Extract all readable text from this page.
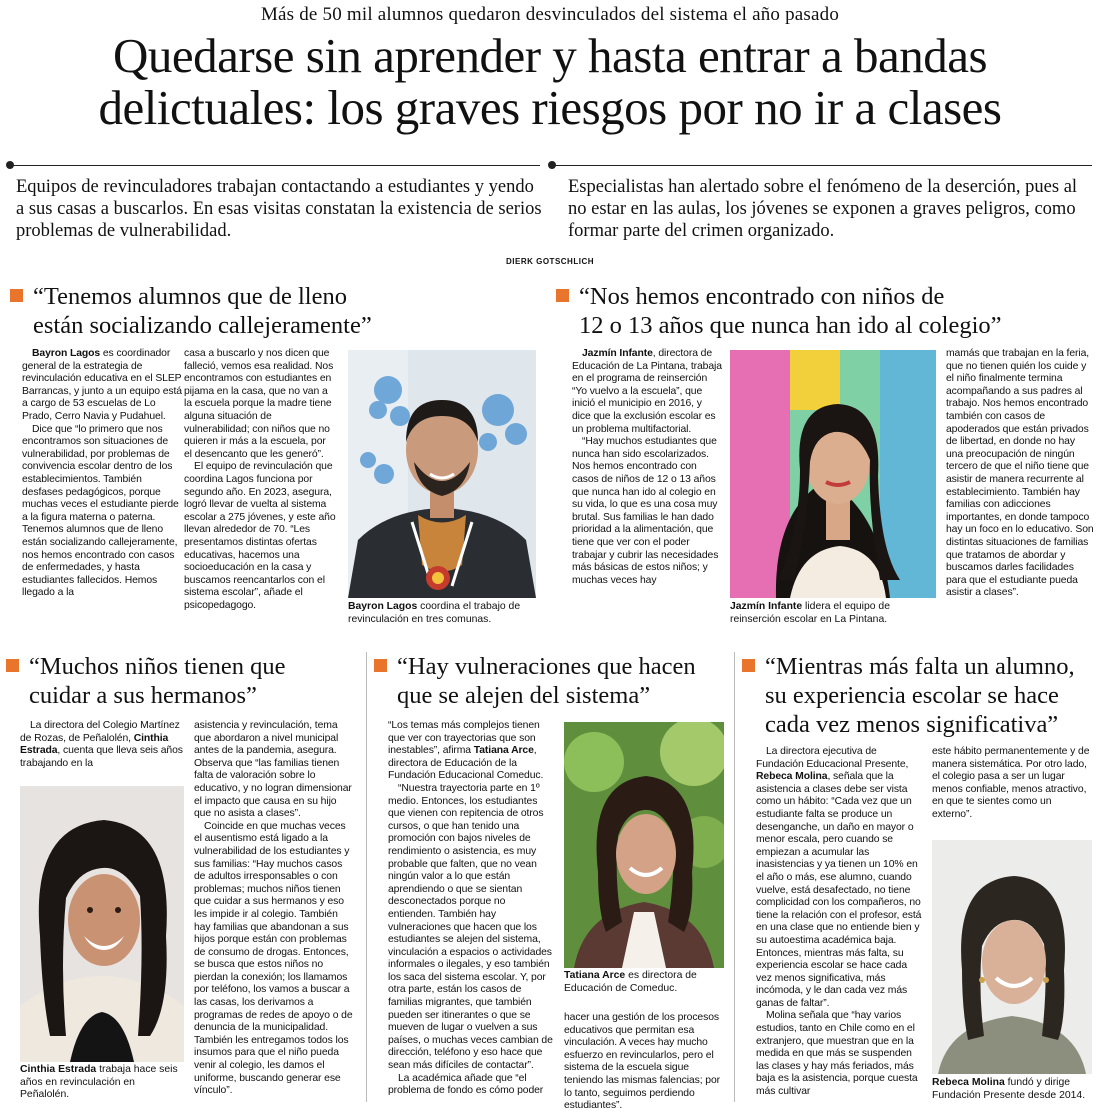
Más de 50 mil alumnos quedaron desvinculados del sistema el año pasado
Quedarse sin aprender y hasta entrar a bandas
delictuales: los graves riesgos por no ir a clases
Equipos de revinculadores trabajan contactando a estudiantes y yendo a sus casas a buscarlos. En esas visitas constatan la existencia de serios problemas de vulnerabilidad.
Especialistas han alertado sobre el fenómeno de la deserción, pues al no estar en las aulas, los jóvenes se exponen a graves peligros, como formar parte del crimen organizado.
DIERK GOTSCHLICH
“Tenemos alumnos que de lleno
están socializando callejeramente”

Bayron Lagos es coordinador general de la estrategia de revinculación educativa en el SLEP Barrancas, y junto a un equipo está a cargo de 53 escuelas de Lo Prado, Cerro Navia y Pudahuel.

Dice que “lo primero que nos encontramos son situaciones de vulnerabilidad, por problemas de convivencia escolar dentro de los establecimientos. También desfases pedagógicos, porque muchas veces el estudiante pierde a la figura materna o paterna. Tenemos alumnos que de lleno están socializando callejeramente, nos hemos encontrado con casos de enfermedades, y hasta estudiantes fallecidos. Hemos llegado a la

casa a buscarlo y nos dicen que falleció, vemos esa realidad. Nos encontramos con estudiantes en pijama en la casa, que no van a la escuela porque la madre tiene alguna situación de vulnerabilidad; con niños que no quieren ir más a la escuela, por el desencanto que les generó”.

El equipo de revinculación que coordina Lagos funciona por segundo año. En 2023, asegura, logró llevar de vuelta al sistema escolar a 275 jóvenes, y este año llevan alrededor de 70. “Les presentamos distintas ofertas educativas, hacemos una socioeducación en la casa y buscamos reencantarlos con el sistema escolar”, añade el psicopedagogo.	Bayron Lagos coordina el trabajo de revinculación en tres comunas.
“Nos hemos encontrado con niños de
12 o 13 años que nunca han ido al colegio”

Jazmín Infante, directora de Educación de La Pintana, trabaja en el programa de reinserción “Yo vuelvo a la escuela”, que inició el municipio en 2016, y dice que la exclusión escolar es un problema multifactorial.

“Hay muchos estudiantes que nunca han sido escolarizados. Nos hemos encontrado con casos de niños de 12 o 13 años que nunca han ido al colegio en su vida, lo que es una cosa muy brutal. Sus familias le han dado prioridad a la alimentación, que tiene que ver con el poder trabajar y cubrir las necesidades más básicas de estos niños; y muchas veces hay

Jazmín Infante lidera el equipo de reinserción escolar en La Pintana.

mamás que trabajan en la feria, que no tienen quién los cuide y el niño finalmente termina acompañando a sus padres al trabajo. Nos hemos encontrado también con casos de apoderados que están privados de libertad, en donde no hay una preocupación de ningún tercero de que el niño tiene que asistir de manera recurrente al establecimiento. También hay familias con adicciones importantes, en donde tampoco hay un foco en lo educativo. Son distintas situaciones de familias que tratamos de abordar y buscamos darles facilidades para que el estudiante pueda asistir a clases”.

“Muchos niños tienen que
cuidar a sus hermanos”

La directora del Colegio Martínez de Rozas, de Peñalolén, Cinthia Estrada, cuenta que lleva seis años trabajando en la

Cinthia Estrada trabaja hace seis años en revinculación en Peñalolén.

asistencia y revinculación, tema que abordaron a nivel municipal antes de la pandemia, asegura. Observa que “las familias tienen falta de valoración sobre lo educativo, y no logran dimensionar el impacto que causa en su hijo que no asista a clases”.

Coincide en que muchas veces el ausentismo está ligado a la vulnerabilidad de los estudiantes y sus familias: “Hay muchos casos de adultos irresponsables o con problemas; muchos niños tienen que cuidar a sus hermanos y eso les impide ir al colegio. También hay familias que abandonan a sus hijos porque están con problemas de consumo de drogas. Entonces, se busca que estos niños no pierdan la conexión; los llamamos por teléfono, los vamos a buscar a las casas, los derivamos a programas de redes de apoyo o de denuncia de la municipalidad. También les entregamos todos los insumos para que el niño pueda venir al colegio, les damos el uniforme, buscando generar ese vínculo”.

“Hay vulneraciones que hacen
que se alejen del sistema”

“Los temas más complejos tienen que ver con trayectorias que son inestables”, afirma Tatiana Arce, directora de Educación de la Fundación Educacional Comeduc.

“Nuestra trayectoria parte en 1º medio. Entonces, los estudiantes que vienen con repitencia de otros cursos, o que han tenido una promoción con bajos niveles de rendimiento o asistencia, es muy probable que falten, que no vean ningún valor a lo que están aprendiendo o que se sientan desconectados porque no entienden. También hay vulneraciones que hacen que los estudiantes se alejen del sistema, vinculación a espacios o actividades informales o ilegales, y eso también los saca del sistema escolar. Y, por otra parte, están los casos de familias migrantes, que también pueden ser itinerantes o que se mueven de lugar o vuelven a sus países, o muchas veces cambian de dirección, teléfono y eso hace que sean más difíciles de contactar”.

La académica añade que “el problema de fondo es cómo poder

Tatiana Arce es directora de Educación de Comeduc.

hacer una gestión de los procesos educativos que permitan esa vinculación. A veces hay mucho esfuerzo en revincularlos, pero el sistema de la escuela sigue teniendo las mismas falencias; por lo tanto, seguimos perdiendo estudiantes”.

“Mientras más falta un alumno,
su experiencia escolar se hace
cada vez menos significativa”

La directora ejecutiva de Fundación Educacional Presente, Rebeca Molina, señala que la asistencia a clases debe ser vista como un hábito: “Cada vez que un estudiante falta se produce un desenganche, un daño en mayor o menor escala, pero cuando se empiezan a acumular las inasistencias y ya tienen un 10% en el año o más, ese alumno, cuando vuelve, está desafectado, no tiene complicidad con los compañeros, no tiene la relación con el profesor, está en una clase que no entiende bien y su autoestima académica baja. Entonces, mientras más falta, su experiencia escolar se hace cada vez menos significativa, más incómoda, y le dan cada vez más ganas de faltar”.

Molina señala que “hay varios estudios, tanto en Chile como en el extranjero, que muestran que en la medida en que más se suspenden las clases y hay más feriados, más baja es la asistencia, porque cuesta más cultivar

este hábito permanentemente y de manera sistemática. Por otro lado, el colegio pasa a ser un lugar menos confiable, menos atractivo, en que te sientes como un externo”.

Rebeca Molina fundó y dirige Fundación Presente desde 2014.
